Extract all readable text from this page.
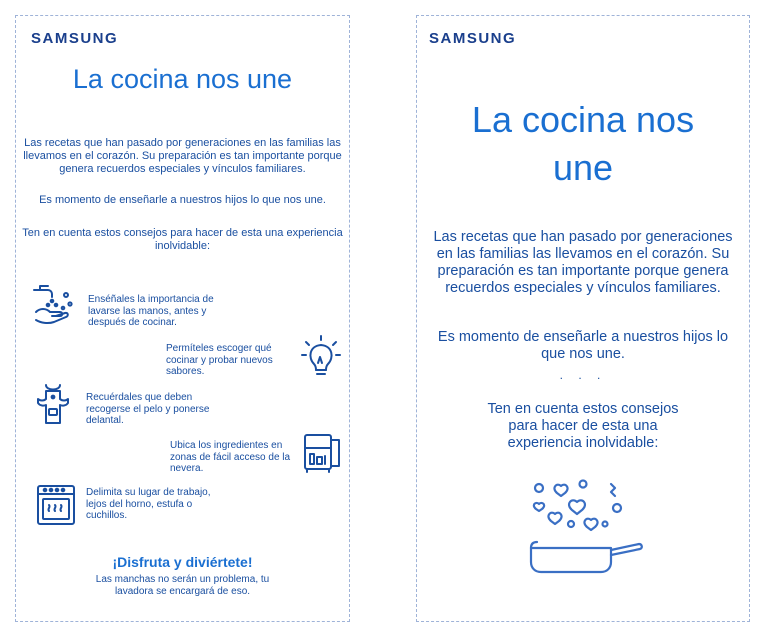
SAMSUNG
La cocina nos une
Las recetas que han pasado por generaciones en las familias las llevamos en el corazón. Su preparación es tan importante porque genera recuerdos especiales y vínculos familiares.
Es momento de enseñarle a nuestros hijos lo que nos une.
Ten en cuenta estos consejos para hacer de esta una experiencia inolvidable:
Enséñales la importancia de lavarse las manos, antes y después de cocinar.
Permíteles escoger qué cocinar y probar nuevos sabores.
Recuérdales que deben recogerse el pelo y ponerse delantal.
Ubica los ingredientes en zonas de fácil acceso de la nevera.
Delimita su lugar de trabajo, lejos del horno, estufa o cuchillos.
¡Disfruta y diviértete!
Las manchas no serán un problema, tu lavadora se encargará de eso.
SAMSUNG
La cocina nos une
Las recetas que han pasado por generaciones en las familias las llevamos en el corazón. Su preparación es tan importante porque genera recuerdos especiales y vínculos familiares.
Es momento de enseñarle a nuestros hijos lo que nos une.
. . .
Ten en cuenta estos consejos para hacer de esta una experiencia inolvidable:
